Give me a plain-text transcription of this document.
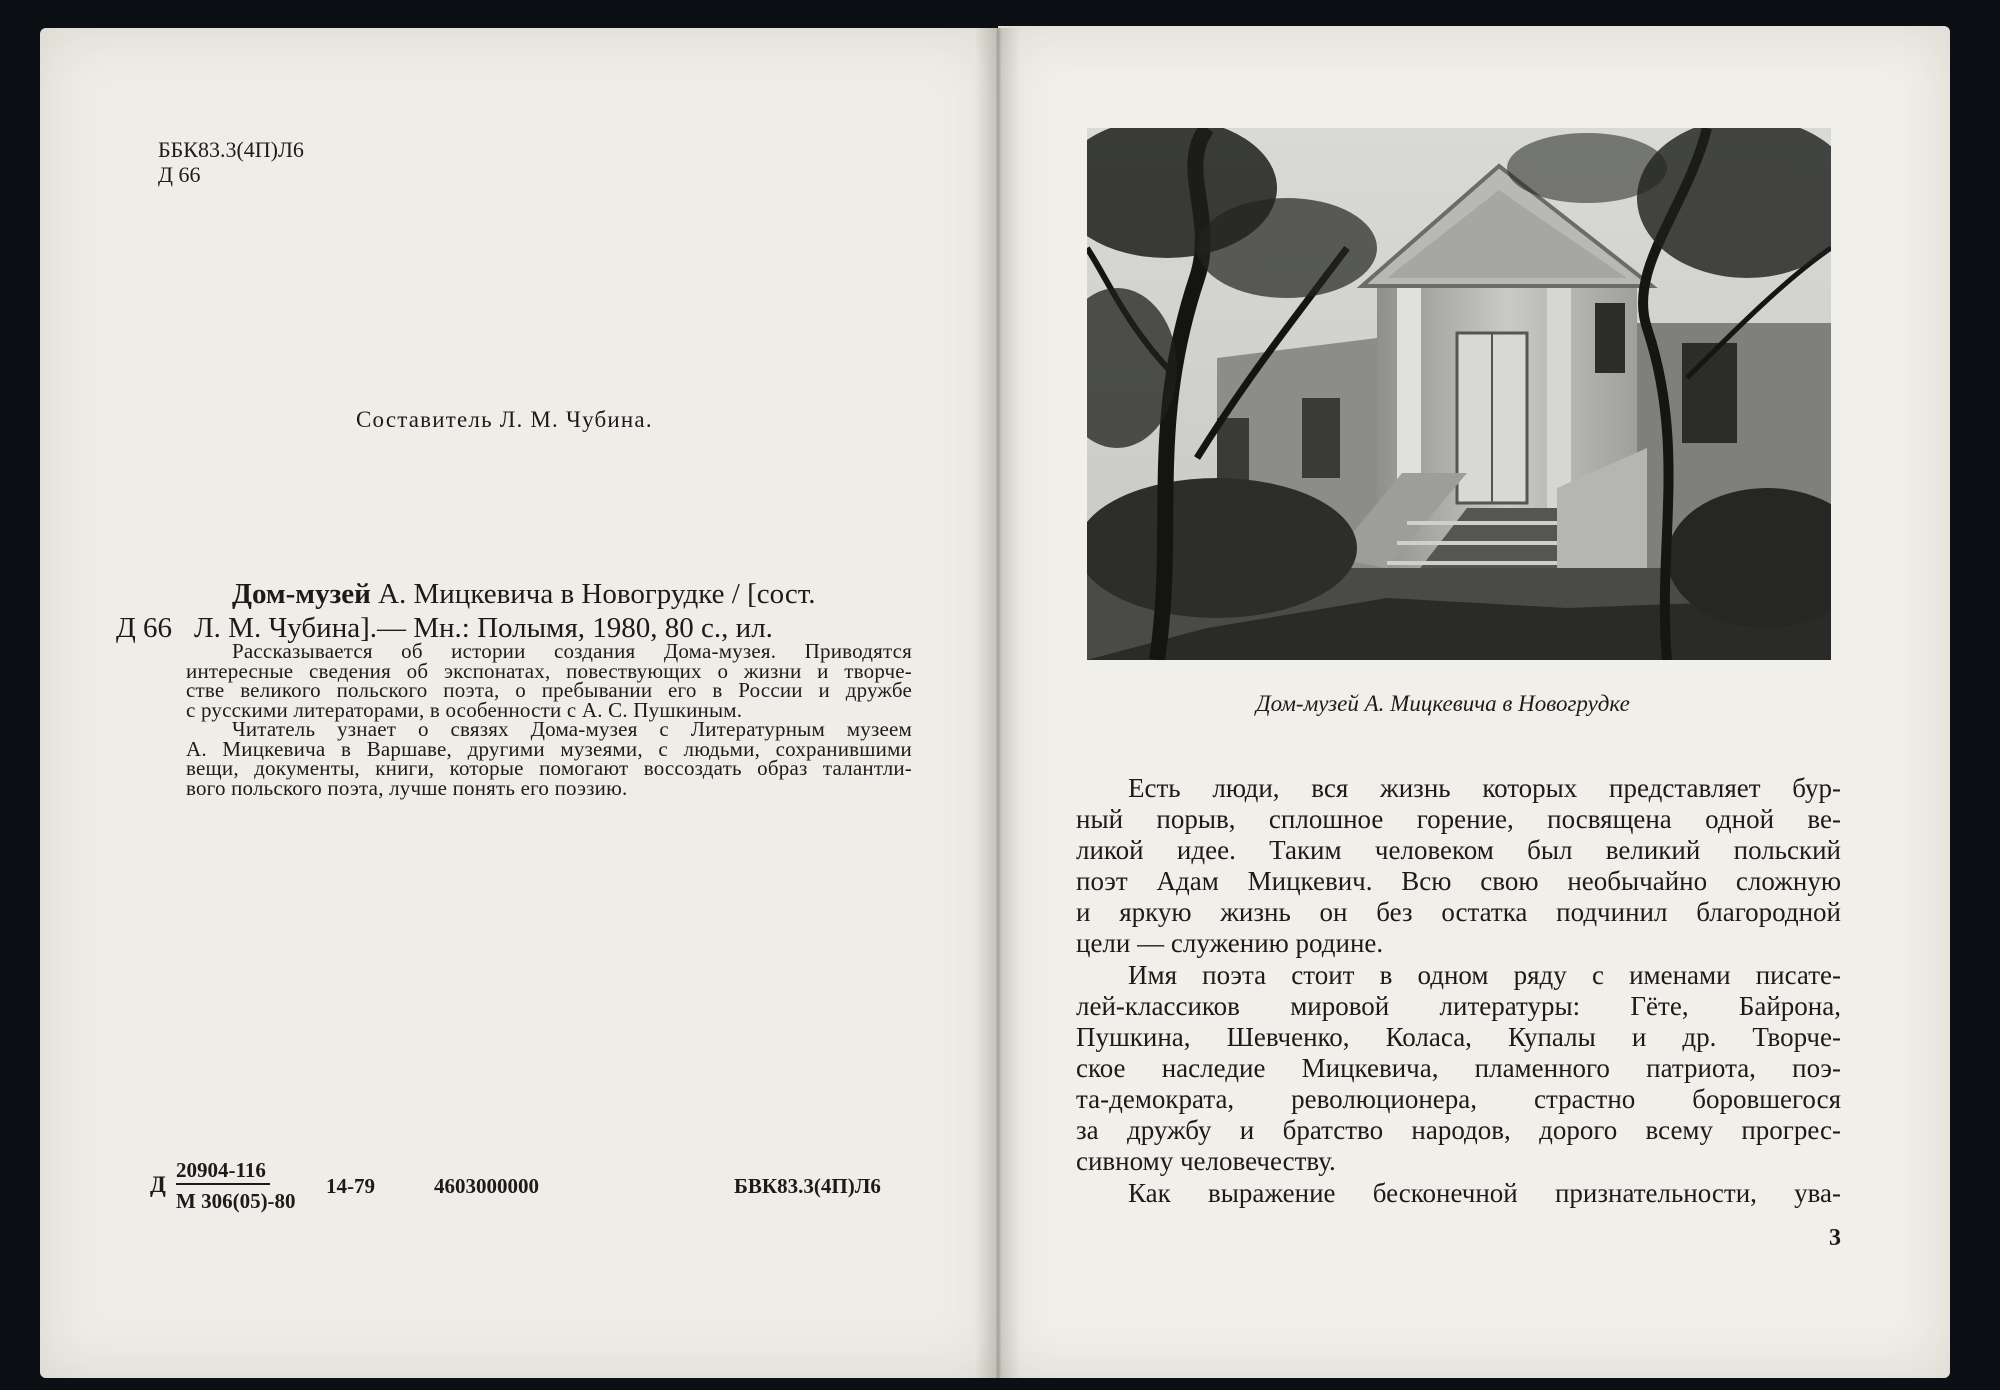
ББК83.3(4П)Л6
Д 66
Составитель Л. М. Чубина.
Дом-музей А. Мицкевича в Новогрудке / [сост.
Д 66 Л. М. Чубина].— Мн.: Полымя, 1980, 80 с., ил.
Рассказывается об истории создания Дома-музея. Приводятся
интересные сведения об экспонатах, повествующих о жизни и творче-
стве великого польского поэта, о пребывании его в России и дружбе
с русскими литераторами, в особенности с А. С. Пушкиным.
Читатель узнает о связях Дома-музея с Литературным музеем
А. Мицкевича в Варшаве, другими музеями, с людьми, сохранившими
вещи, документы, книги, которые помогают воссоздать образ талантли-
вого польского поэта, лучше понять его поэзию.
Д
20904-116
М 306(05)-80
14-79	4603000000	БВК83.3(4П)Л6
Дом-музей А. Мицкевича в Новогрудке
Есть люди, вся жизнь которых представляет бур-
ный порыв, сплошное горение, посвящена одной ве-
ликой идее. Таким человеком был великий польский
поэт Адам Мицкевич. Всю свою необычайно сложную
и яркую жизнь он без остатка подчинил благородной
цели — служению родине.
Имя поэта стоит в одном ряду с именами писате-
лей-классиков мировой литературы: Гёте, Байрона,
Пушкина, Шевченко, Коласа, Купалы и др. Творче-
ское наследие Мицкевича, пламенного патриота, поэ-
та-демократа, революционера, страстно боровшегося
за дружбу и братство народов, дорого всему прогрес-
сивному человечеству.
Как выражение бесконечной признательности, ува-
3
